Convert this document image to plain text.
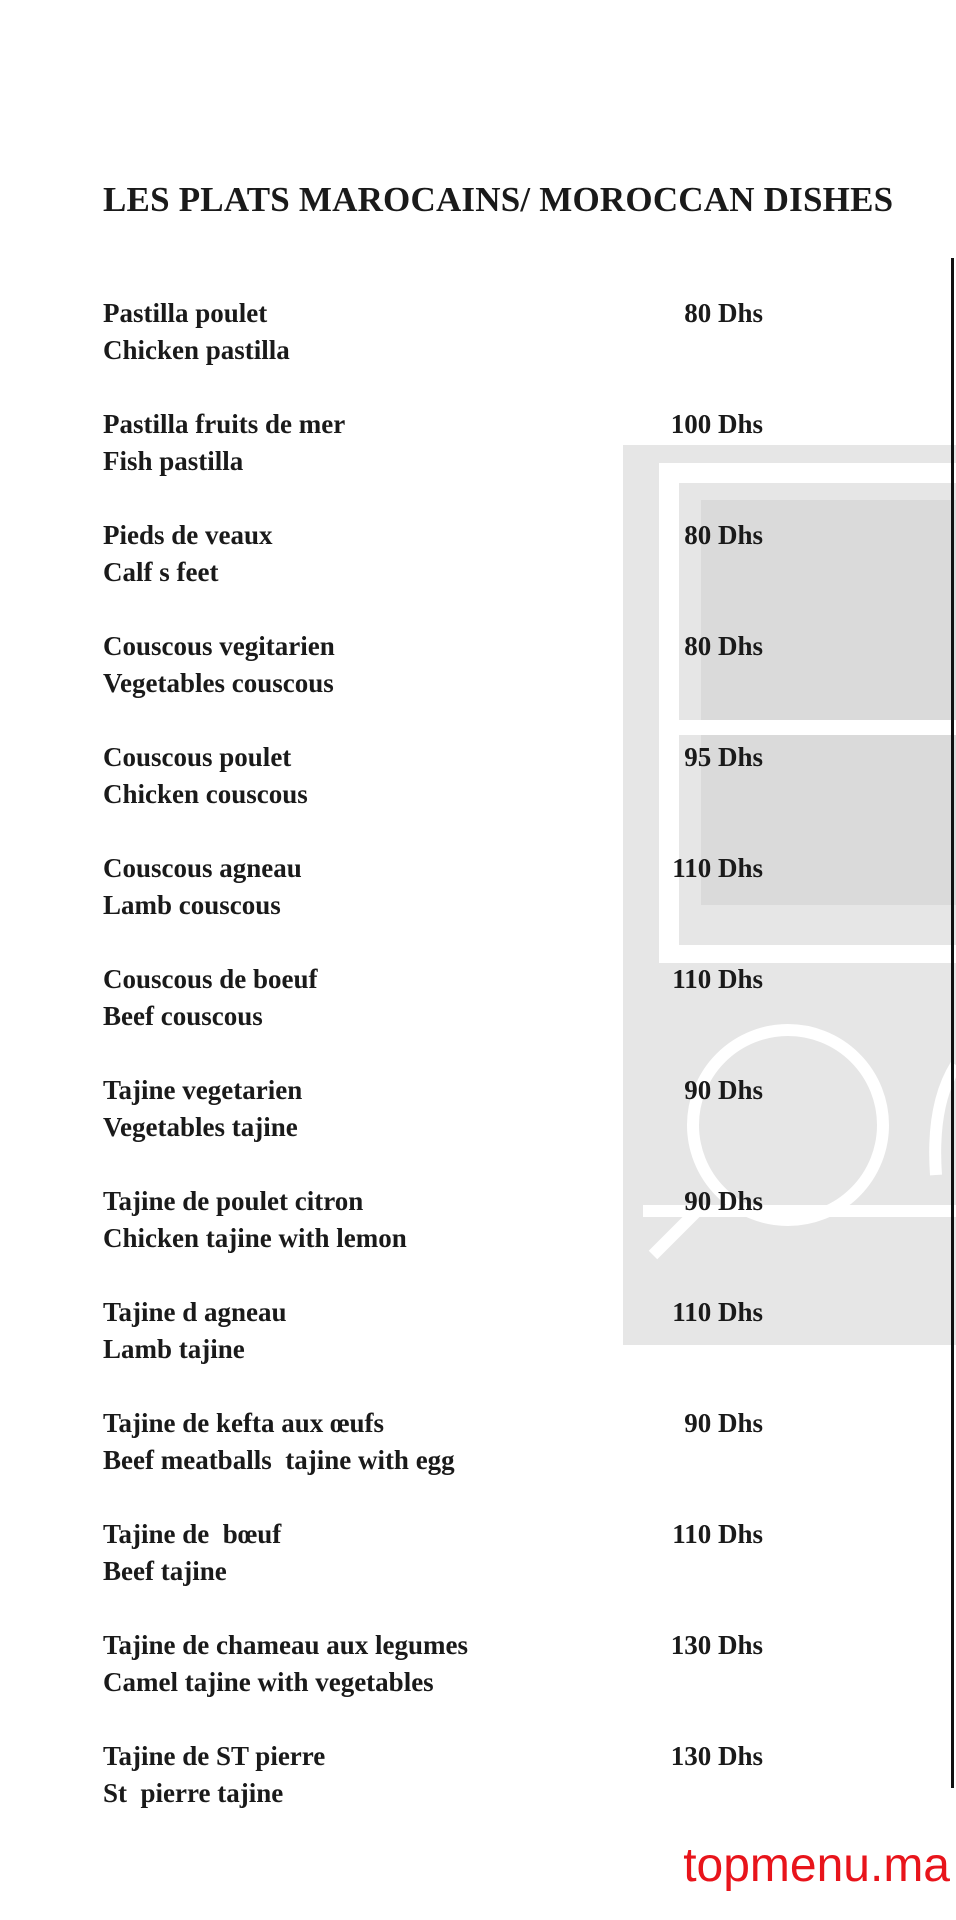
LES PLATS MAROCAINS/ MOROCCAN DISHES
Pastilla poulet
Chicken pastilla
80 Dhs
Pastilla fruits de mer
Fish pastilla
100 Dhs
Pieds de veaux
Calf s feet
80 Dhs
Couscous vegitarien
Vegetables couscous
80 Dhs
Couscous poulet
Chicken couscous
95 Dhs
Couscous agneau
Lamb couscous
110 Dhs
Couscous de boeuf
Beef couscous
110 Dhs
Tajine vegetarien
Vegetables tajine
90 Dhs
Tajine de poulet citron
Chicken tajine with lemon
90 Dhs
Tajine d agneau
Lamb tajine
110 Dhs
Tajine de kefta aux œufs
Beef meatballs  tajine with egg
90 Dhs
Tajine de  bœuf
Beef tajine
110 Dhs
Tajine de chameau aux legumes
Camel tajine with vegetables
130 Dhs
Tajine de ST pierre
St  pierre tajine
130 Dhs
topmenu.ma
